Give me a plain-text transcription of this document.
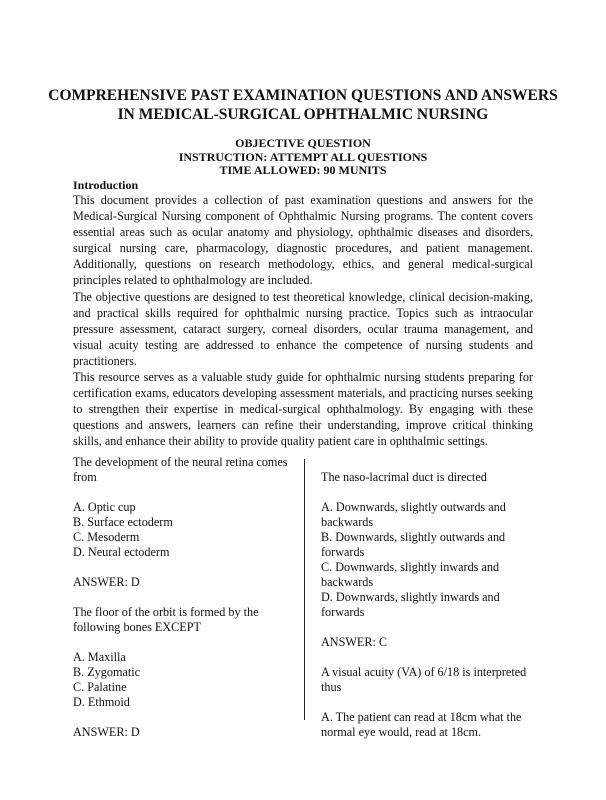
COMPREHENSIVE PAST EXAMINATION QUESTIONS AND ANSWERS
IN MEDICAL-SURGICAL OPHTHALMIC NURSING
OBJECTIVE QUESTION
INSTRUCTION: ATTEMPT ALL QUESTIONS
TIME ALLOWED: 90 MUNITS
Introduction

This document provides a collection of past examination questions and answers for the Medical-Surgical Nursing component of Ophthalmic Nursing programs. The content covers essential areas such as ocular anatomy and physiology, ophthalmic diseases and disorders, surgical nursing care, pharmacology, diagnostic procedures, and patient management. Additionally, questions on research methodology, ethics, and general medical-surgical principles related to ophthalmology are included.

The objective questions are designed to test theoretical knowledge, clinical decision-making, and practical skills required for ophthalmic nursing practice. Topics such as intraocular pressure assessment, cataract surgery, corneal disorders, ocular trauma management, and visual acuity testing are addressed to enhance the competence of nursing students and practitioners.

This resource serves as a valuable study guide for ophthalmic nursing students preparing for certification exams, educators developing assessment materials, and practicing nurses seeking to strengthen their expertise in medical-surgical ophthalmology. By engaging with these questions and answers, learners can refine their understanding, improve critical thinking skills, and enhance their ability to provide quality patient care in ophthalmic settings.

The development of the neural retina comes from

A. Optic cup

B. Surface ectoderm

C. Mesoderm

D. Neural ectoderm

ANSWER: D

The floor of the orbit is formed by the following bones EXCEPT

A. Maxilla

B. Zygomatic

C. Palatine

D. Ethmoid

ANSWER: D

The naso-lacrimal duct is directed

A. Downwards, slightly outwards and backwards

B. Downwards, slightly outwards and forwards

C. Downwards, slightly inwards and backwards

D. Downwards, slightly inwards and forwards

ANSWER: C

A visual acuity (VA) of 6/18 is interpreted thus

A. The patient can read at 18cm what the normal eye would, read at 18cm.
